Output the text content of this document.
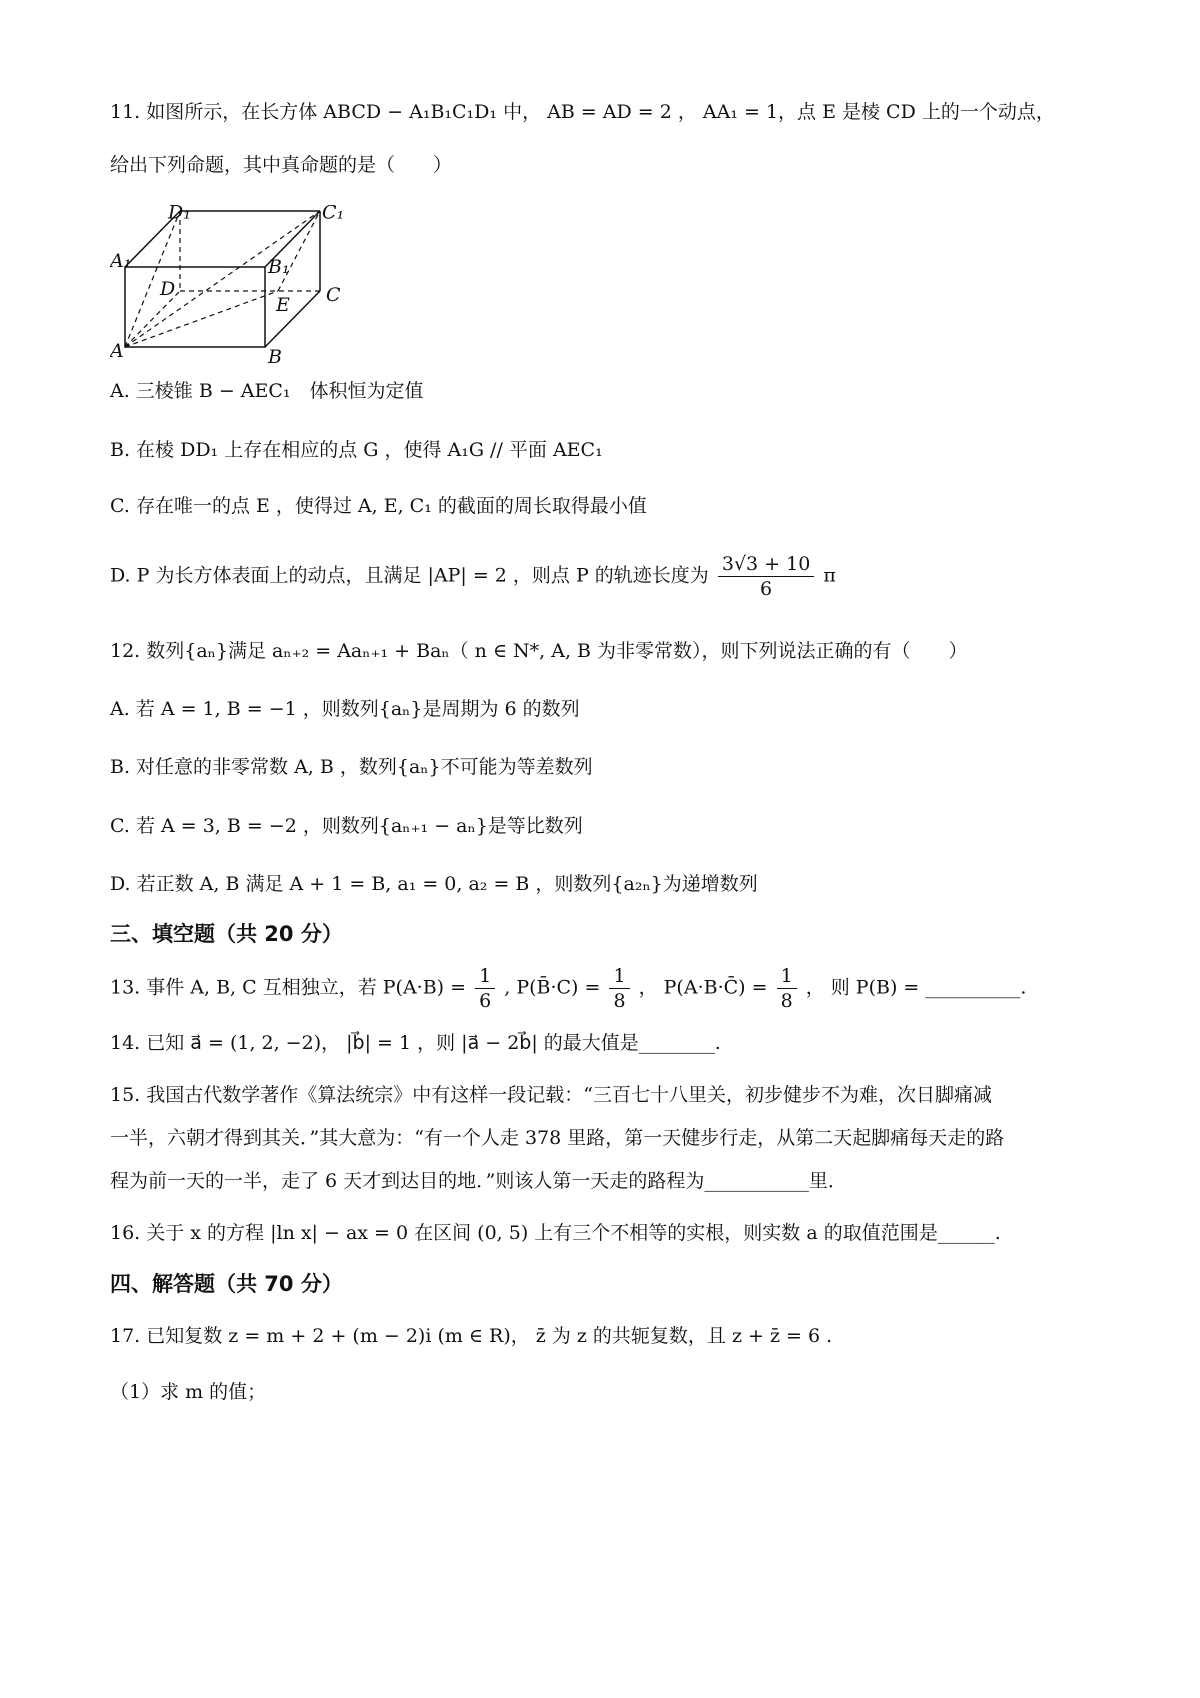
11. 如图所示，在长方体 ABCD − A₁B₁C₁D₁ 中， AB = AD = 2 ， AA₁ = 1，点 E 是棱 CD 上的一个动点，
给出下列命题，其中真命题的是（　　）
D₁	C₁
A₁	B₁
D	C
E
A	B
A. 三棱锥 B − AEC₁　体积恒为定值
B. 在棱 DD₁ 上存在相应的点 G ，使得 A₁G // 平面 AEC₁
C. 存在唯一的点 E ，使得过 A, E, C₁ 的截面的周长取得最小值
D. P 为长方体表面上的动点，且满足 |AP| = 2 ，则点 P 的轨迹长度为 $\frac{3√3 + 10}{6}$ π
12. 数列{aₙ}满足 aₙ₊₂ = Aaₙ₊₁ + Baₙ（ n ∈ N*, A, B 为非零常数），则下列说法正确的有（　　）
A. 若 A = 1, B = −1 ，则数列{aₙ}是周期为 6 的数列
B. 对任意的非零常数 A, B ，数列{aₙ}不可能为等差数列
C. 若 A = 3, B = −2 ，则数列{aₙ₊₁ − aₙ}是等比数列
D. 若正数 A, B 满足 A + 1 = B, a₁ = 0, a₂ = B ，则数列{a₂ₙ}为递增数列
三、填空题（共 20 分）
13. 事件 A, B, C 互相独立，若 $P(A\cdot B) = \frac{1}{6}$ , P(B̄·C) = $\frac{1}{8}$ ， P(A·B·C̄) = $\frac{1}{8}$ ， 则 P(B) = __________.
14. 已知 a⃗ = (1, 2, −2)， |b⃗| = 1 ，则 |a⃗ − 2b⃗| 的最大值是________.
15. 我国古代数学著作《算法统宗》中有这样一段记载：“三百七十八里关，初步健步不为难，次日脚痛减
一半，六朝才得到其关．”其大意为：“有一个人走 378 里路，第一天健步行走，从第二天起脚痛每天走的路
程为前一天的一半，走了 6 天才到达目的地．”则该人第一天走的路程为___________里．
16. 关于 x 的方程 |ln x| − ax = 0 在区间 (0, 5) 上有三个不相等的实根，则实数 a 的取值范围是______.
四、解答题（共 70 分）
17. 已知复数 z = m + 2 + (m − 2)i (m ∈ R)， z̄ 为 z 的共轭复数，且 z + z̄ = 6 .
（1）求 m 的值；
